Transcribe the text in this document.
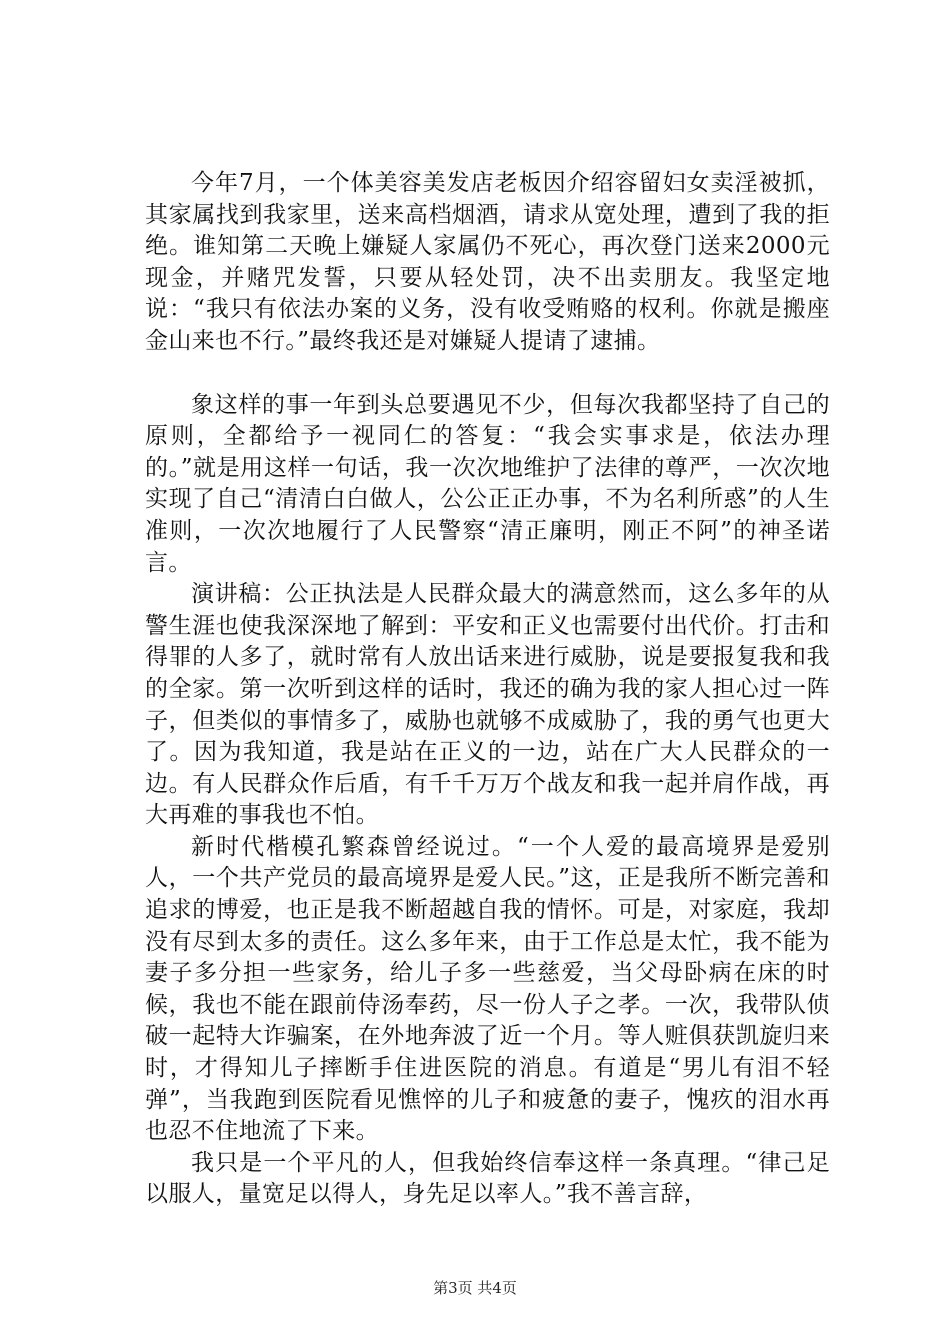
今年7月，一个体美容美发店老板因介绍容留妇女卖淫被抓，其家属找到我家里，送来高档烟酒，请求从宽处理，遭到了我的拒绝。谁知第二天晚上嫌疑人家属仍不死心，再次登门送来2000元现金，并赌咒发誓，只要从轻处罚，决不出卖朋友。我坚定地说：“我只有依法办案的义务，没有收受贿赂的权利。你就是搬座金山来也不行。”最终我还是对嫌疑人提请了逮捕。

象这样的事一年到头总要遇见不少，但每次我都坚持了自己的原则，全都给予一视同仁的答复：“我会实事求是，依法办理的。”就是用这样一句话，我一次次地维护了法律的尊严，一次次地实现了自己“清清白白做人，公公正正办事，不为名利所惑”的人生准则，一次次地履行了人民警察“清正廉明，刚正不阿”的神圣诺言。

演讲稿：公正执法是人民群众最大的满意然而，这么多年的从警生涯也使我深深地了解到：平安和正义也需要付出代价。打击和得罪的人多了，就时常有人放出话来进行威胁，说是要报复我和我的全家。第一次听到这样的话时，我还的确为我的家人担心过一阵子，但类似的事情多了，威胁也就够不成威胁了，我的勇气也更大了。因为我知道，我是站在正义的一边，站在广大人民群众的一边。有人民群众作后盾，有千千万万个战友和我一起并肩作战，再大再难的事我也不怕。

新时代楷模孔繁森曾经说过。“一个人爱的最高境界是爱别人，一个共产党员的最高境界是爱人民。”这，正是我所不断完善和追求的博爱，也正是我不断超越自我的情怀。可是，对家庭，我却没有尽到太多的责任。这么多年来，由于工作总是太忙，我不能为妻子多分担一些家务，给儿子多一些慈爱，当父母卧病在床的时候，我也不能在跟前侍汤奉药，尽一份人子之孝。一次，我带队侦破一起特大诈骗案，在外地奔波了近一个月。等人赃俱获凯旋归来时，才得知儿子摔断手住进医院的消息。有道是“男儿有泪不轻弹”，当我跑到医院看见憔悴的儿子和疲惫的妻子，愧疚的泪水再也忍不住地流了下来。

我只是一个平凡的人，但我始终信奉这样一条真理。“律己足以服人，量宽足以得人，身先足以率人。”我不善言辞，

第3页 共4页
